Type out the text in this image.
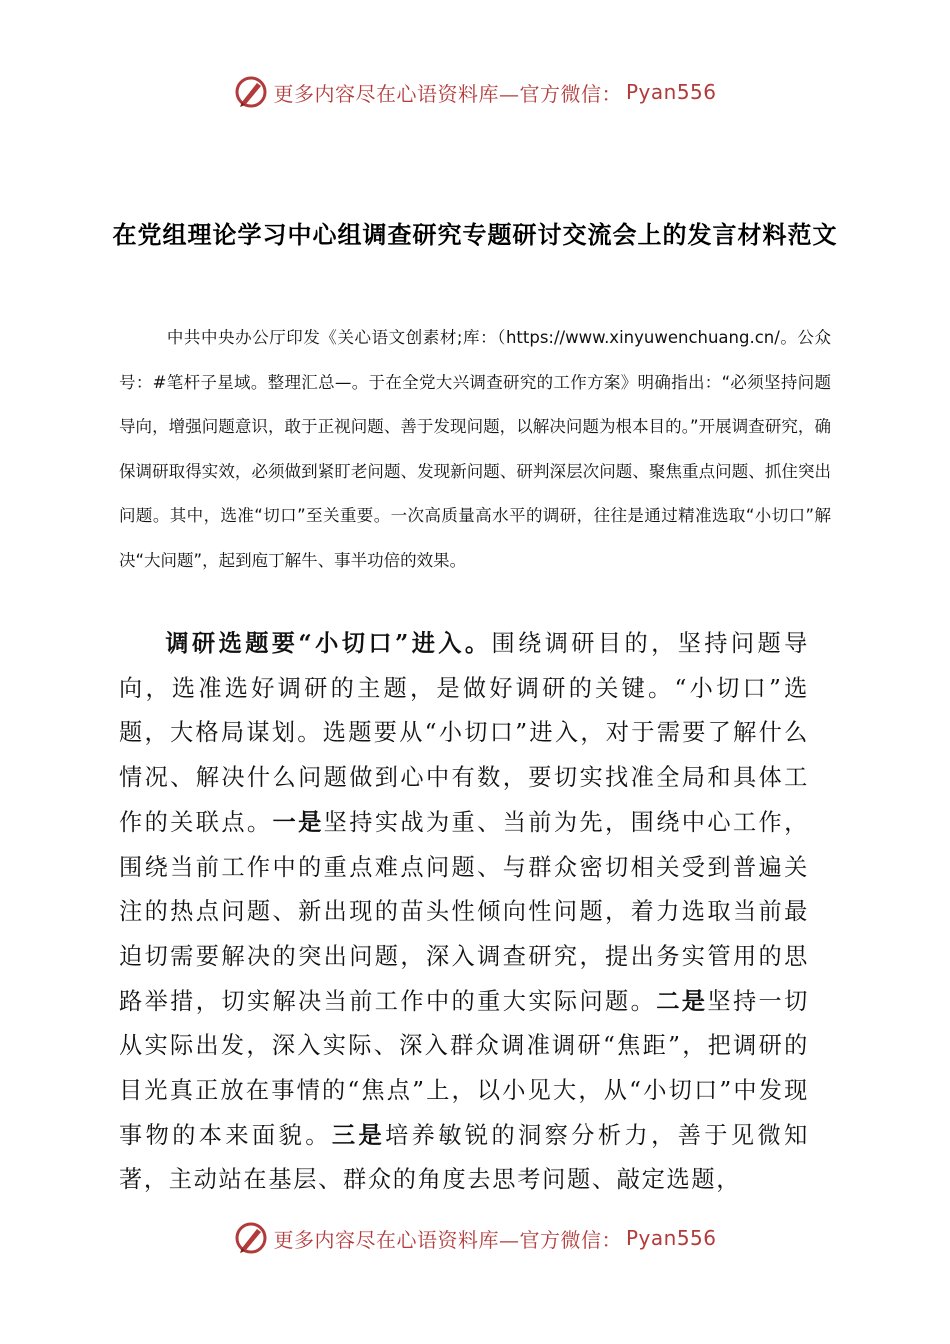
更多内容尽在心语资料库— 官方微信： Pyan556
在党组理论学习中心组调查研究专题研讨交流会上的发言材料范文
中共中央办公厅印发《关心语文创素材;库：（https://www.xinyuwenchuang.cn/。公众号：#笔杆子星域。整理汇总—。于在全党大兴调查研究的工作方案》明确指出：“必须坚持问题导向，增强问题意识，敢于正视问题、善于发现问题，以解决问题为根本目的。”开展调查研究，确保调研取得实效，必须做到紧盯老问题、发现新问题、研判深层次问题、聚焦重点问题、抓住突出问题。其中，选准“切口”至关重要。一次高质量高水平的调研，往往是通过精准选取“小切口”解决“大问题”，起到庖丁解牛、事半功倍的效果。
调研选题要“小切口”进入。围绕调研目的，坚持问题导向，选准选好调研的主题，是做好调研的关键。“小切口”选题，大格局谋划。选题要从“小切口”进入，对于需要了解什么情况、解决什么问题做到心中有数，要切实找准全局和具体工作的关联点。一是坚持实战为重、当前为先，围绕中心工作，围绕当前工作中的重点难点问题、与群众密切相关受到普遍关注的热点问题、新出现的苗头性倾向性问题，着力选取当前最迫切需要解决的突出问题，深入调查研究，提出务实管用的思路举措，切实解决当前工作中的重大实际问题。二是坚持一切从实际出发，深入实际、深入群众调准调研“焦距”，把调研的目光真正放在事情的“焦点”上，以小见大，从“小切口”中发现事物的本来面貌。三是培养敏锐的洞察分析力，善于见微知著，主动站在基层、群众的角度去思考问题、敲定选题，
更多内容尽在心语资料库— 官方微信： Pyan556
